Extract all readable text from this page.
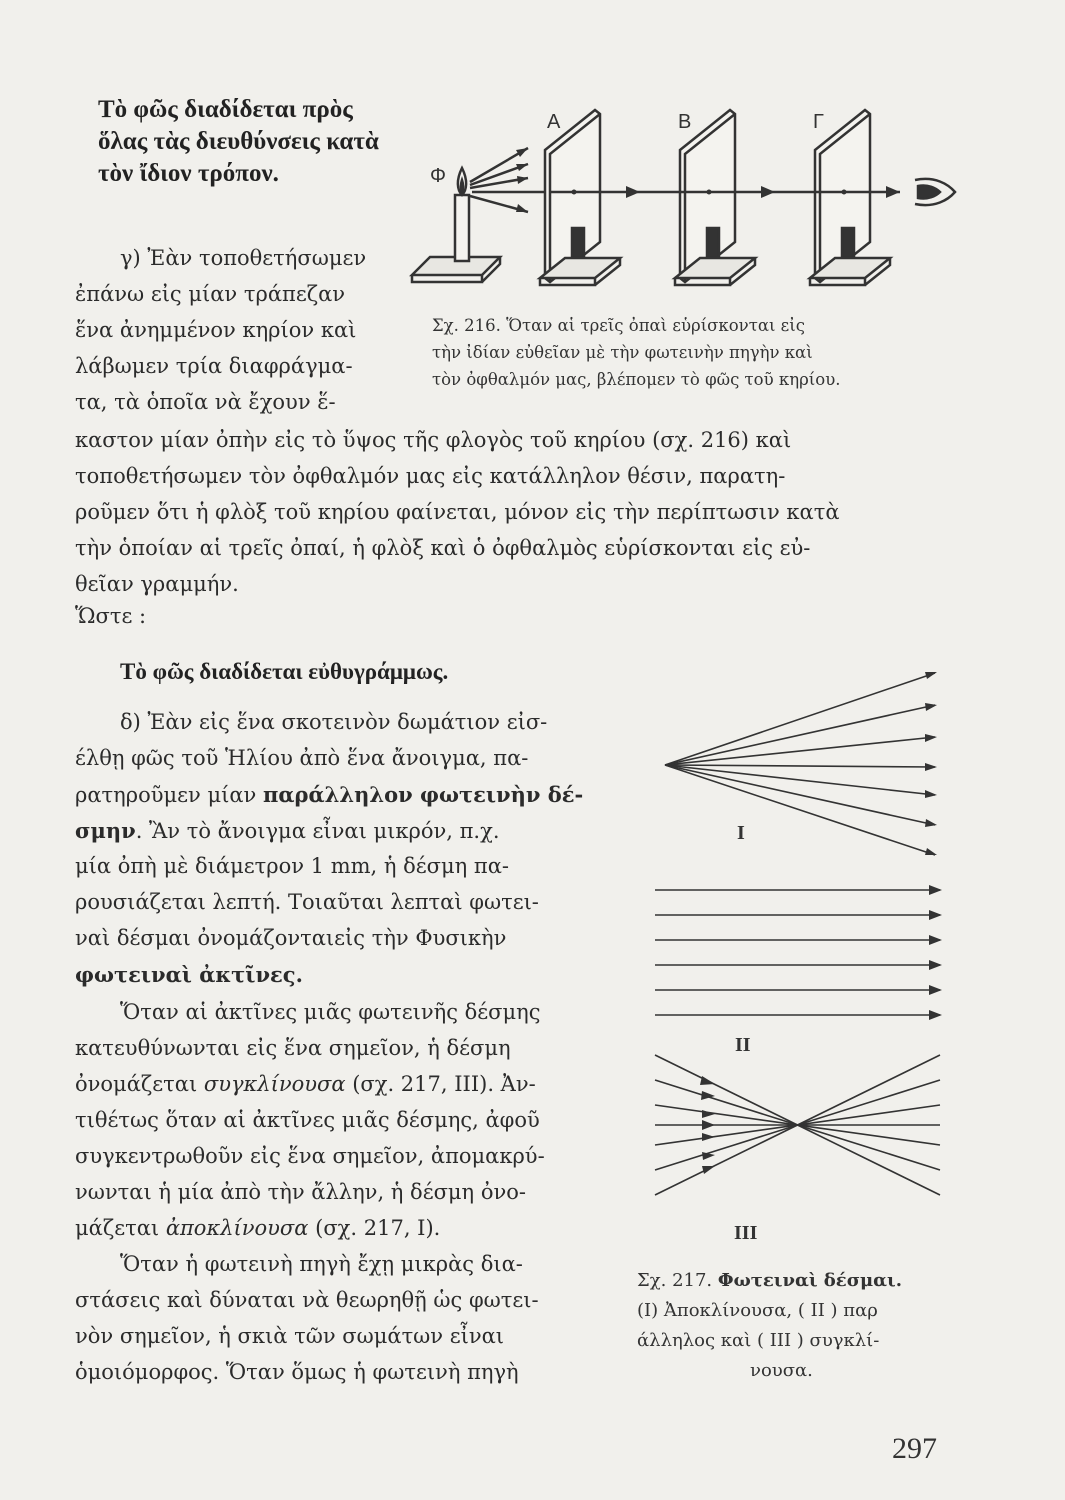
Τὸ φῶς διαδίδεται πρὸς
ὅλας τὰς διευθύνσεις κατὰ
τὸν ἴδιον τρόπον.	Φ
Α	Β	Γ
Σχ. 216. Ὅταν αἱ τρεῖς ὀπαὶ εὑρίσκονται εἰς
τὴν ἰδίαν εὐθεῖαν μὲ τὴν φωτεινὴν πηγὴν καὶ
τὸν ὀφθαλμόν μας, βλέπομεν τὸ φῶς τοῦ κηρίου.
γ) Ἐὰν τοποθετήσωμεν
ἐπάνω εἰς μίαν τράπεζαν
ἕνα ἀνημμένον κηρίον καὶ
λάβωμεν τρία διαφράγμα-
τα, τὰ ὁποῖα νὰ ἔχουν ἕ-
καστον μίαν ὀπὴν εἰς τὸ ὕψος τῆς φλογὸς τοῦ κηρίου (σχ. 216) καὶ
τοποθετήσωμεν τὸν ὀφθαλμόν μας εἰς κατάλληλον θέσιν, παρατη-
ροῦμεν ὅτι ἡ φλὸξ τοῦ κηρίου φαίνεται, μόνον εἰς τὴν περίπτωσιν κατὰ
τὴν ὁποίαν αἱ τρεῖς ὀπαί, ἡ φλὸξ καὶ ὁ ὀφθαλμὸς εὑρίσκονται εἰς εὐ-
θεῖαν γραμμήν.
Ὥστε :
Τὸ φῶς διαδίδεται εὐθυγράμμως.
δ) Ἐὰν εἰς ἕνα σκοτεινὸν δωμάτιον εἰσ-
έλθῃ φῶς τοῦ Ἡλίου ἀπὸ ἕνα ἄνοιγμα, πα-
ρατηροῦμεν μίαν παράλληλον φωτεινὴν δέ-
σμην. Ἂν τὸ ἄνοιγμα εἶναι μικρόν, π.χ.
μία ὀπὴ μὲ διάμετρον 1 mm, ἡ δέσμη πα-
ρουσιάζεται λεπτή. Τοιαῦται λεπταὶ φωτει-
ναὶ δέσμαι ὀνομάζονταιεἰς τὴν Φυσικὴν
φωτειναὶ ἀκτῖνες.
Ὅταν αἱ ἀκτῖνες μιᾶς φωτεινῆς δέσμης
κατευθύνωνται εἰς ἕνα σημεῖον, ἡ δέσμη
ὀνομάζεται συγκλίνουσα (σχ. 217, III). Ἀν-
τιθέτως ὅταν αἱ ἀκτῖνες μιᾶς δέσμης, ἀφοῦ
συγκεντρωθοῦν εἰς ἕνα σημεῖον, ἀπομακρύ-
νωνται ἡ μία ἀπὸ τὴν ἄλλην, ἡ δέσμη ὀνο-
μάζεται ἀποκλίνουσα (σχ. 217, I).
Ὅταν ἡ φωτεινὴ πηγὴ ἔχῃ μικρὰς δια-
στάσεις καὶ δύναται νὰ θεωρηθῇ ὡς φωτει-
νὸν σημεῖον, ἡ σκιὰ τῶν σωμάτων εἶναι
ὁμοιόμορφος. Ὅταν ὅμως ἡ φωτεινὴ πηγὴ
I
II
III
Σχ. 217. Φωτειναὶ δέσμαι.
(I) Ἀποκλίνουσα, ( II ) παρ
άλληλος καὶ ( III ) συγκλί-
νουσα.
297
